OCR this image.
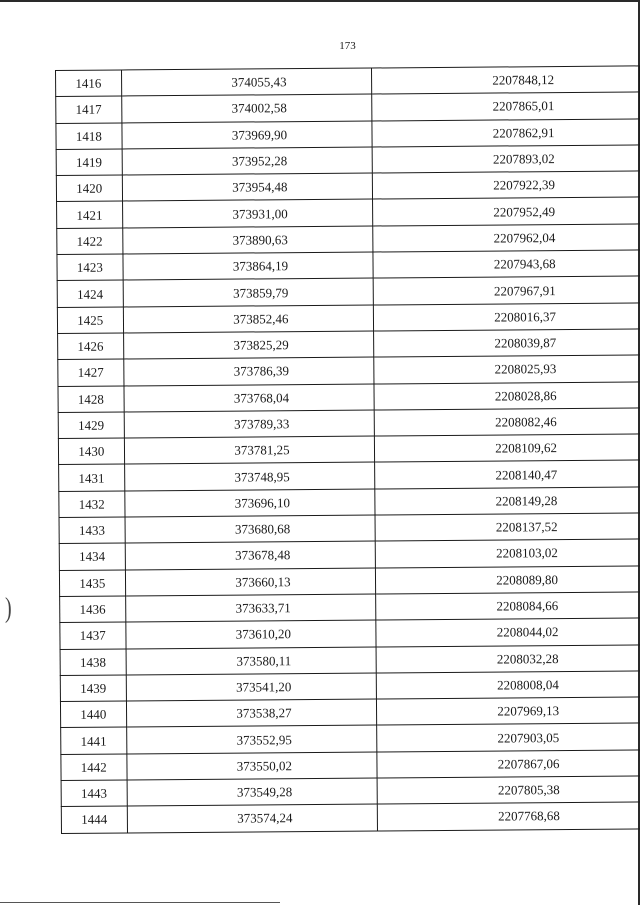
173
)
1416	374055,43	2207848,12
1417	374002,58	2207865,01
1418	373969,90	2207862,91
1419	373952,28	2207893,02
1420	373954,48	2207922,39
1421	373931,00	2207952,49
1422	373890,63	2207962,04
1423	373864,19	2207943,68
1424	373859,79	2207967,91
1425	373852,46	2208016,37
1426	373825,29	2208039,87
1427	373786,39	2208025,93
1428	373768,04	2208028,86
1429	373789,33	2208082,46
1430	373781,25	2208109,62
1431	373748,95	2208140,47
1432	373696,10	2208149,28
1433	373680,68	2208137,52
1434	373678,48	2208103,02
1435	373660,13	2208089,80
1436	373633,71	2208084,66
1437	373610,20	2208044,02
1438	373580,11	2208032,28
1439	373541,20	2208008,04
1440	373538,27	2207969,13
1441	373552,95	2207903,05
1442	373550,02	2207867,06
1443	373549,28	2207805,38
1444	373574,24	2207768,68
